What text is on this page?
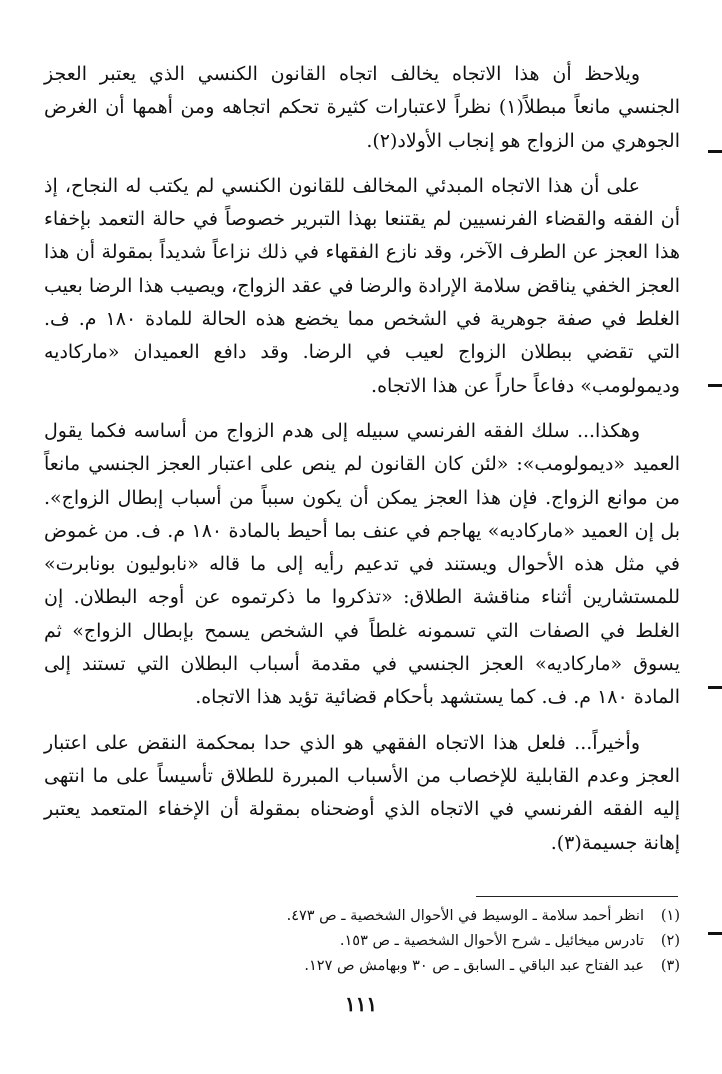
ويلاحظ أن هذا الاتجاه يخالف اتجاه القانون الكنسي الذي يعتبر العجز الجنسي مانعاً مبطلاً(١) نظراً لاعتبارات كثيرة تحكم اتجاهه ومن أهمها أن الغرض الجوهري من الزواج هو إنجاب الأولاد(٢).

على أن هذا الاتجاه المبدئي المخالف للقانون الكنسي لم يكتب له النجاح، إذ أن الفقه والقضاء الفرنسيين لم يقتنعا بهذا التبرير خصوصاً في حالة التعمد بإخفاء هذا العجز عن الطرف الآخر، وقد نازع الفقهاء في ذلك نزاعاً شديداً بمقولة أن هذا العجز الخفي يناقض سلامة الإرادة والرضا في عقد الزواج، ويصيب هذا الرضا بعيب الغلط في صفة جوهرية في الشخص مما يخضع هذه الحالة للمادة ١٨٠ م. ف. التي تقضي ببطلان الزواج لعيب في الرضا. وقد دافع العميدان «ماركاديه وديمولومب» دفاعاً حاراً عن هذا الاتجاه.

وهكذا... سلك الفقه الفرنسي سبيله إلى هدم الزواج من أساسه فكما يقول العميد «ديمولومب»: «لئن كان القانون لم ينص على اعتبار العجز الجنسي مانعاً من موانع الزواج. فإن هذا العجز يمكن أن يكون سبباً من أسباب إبطال الزواج». بل إن العميد «ماركاديه» يهاجم في عنف بما أحيط بالمادة ١٨٠ م. ف. من غموض في مثل هذه الأحوال ويستند في تدعيم رأيه إلى ما قاله «نابوليون بونابرت» للمستشارين أثناء مناقشة الطلاق: «تذكروا ما ذكرتموه عن أوجه البطلان. إن الغلط في الصفات التي تسمونه غلطاً في الشخص يسمح بإبطال الزواج» ثم يسوق «ماركاديه» العجز الجنسي في مقدمة أسباب البطلان التي تستند إلى المادة ١٨٠ م. ف. كما يستشهد بأحكام قضائية تؤيد هذا الاتجاه.

وأخيراً... فلعل هذا الاتجاه الفقهي هو الذي حدا بمحكمة النقض على اعتبار العجز وعدم القابلية للإخصاب من الأسباب المبررة للطلاق تأسيساً على ما انتهى إليه الفقه الفرنسي في الاتجاه الذي أوضحناه بمقولة أن الإخفاء المتعمد يعتبر إهانة جسيمة(٣).

(١)
انظر أحمد سلامة ـ الوسيط في الأحوال الشخصية ـ ص ٤٧٣.
(٢)
تادرس ميخائيل ـ شرح الأحوال الشخصية ـ ص ١٥٣.
(٣)
عبد الفتاح عبد الباقي ـ السابق ـ ص ٣٠ وبهامش ص ١٢٧.
١١١
